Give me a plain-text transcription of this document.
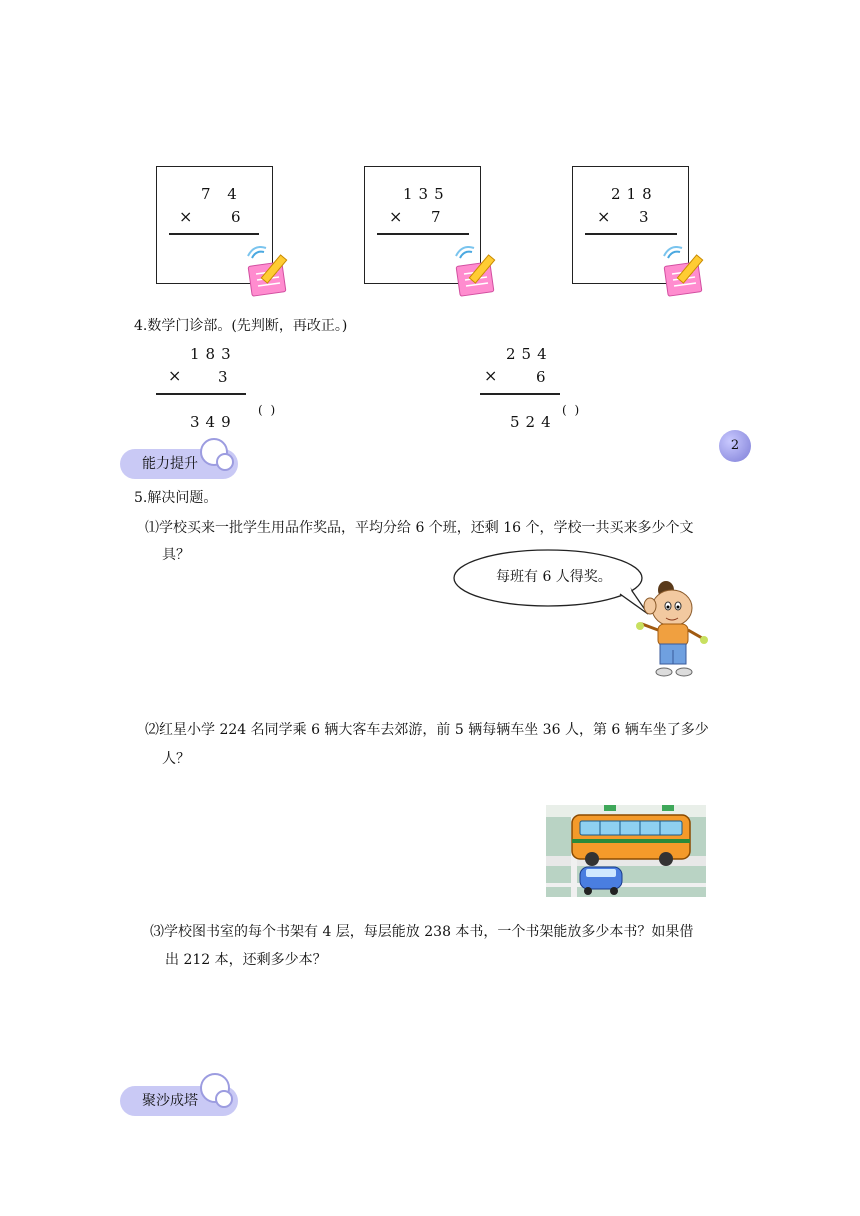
7 4
×	6
135
× 7
218
× 3
4.数学门诊部。(先判断，再改正。)
183
× 3
349
( )
254
×	6
524
( )
2
能力提升
5.解决问题。
⑴学校买来一批学生用品作奖品，平均分给 6 个班，还剩 16 个，学校一共买来多少个文
具？
每班有 6 人得奖。
⑵红星小学 224 名同学乘 6 辆大客车去郊游，前 5 辆每辆车坐 36 人，第 6 辆车坐了多少
人？
⑶学校图书室的每个书架有 4 层，每层能放 238 本书，一个书架能放多少本书？如果借
出 212 本，还剩多少本？
聚沙成塔
